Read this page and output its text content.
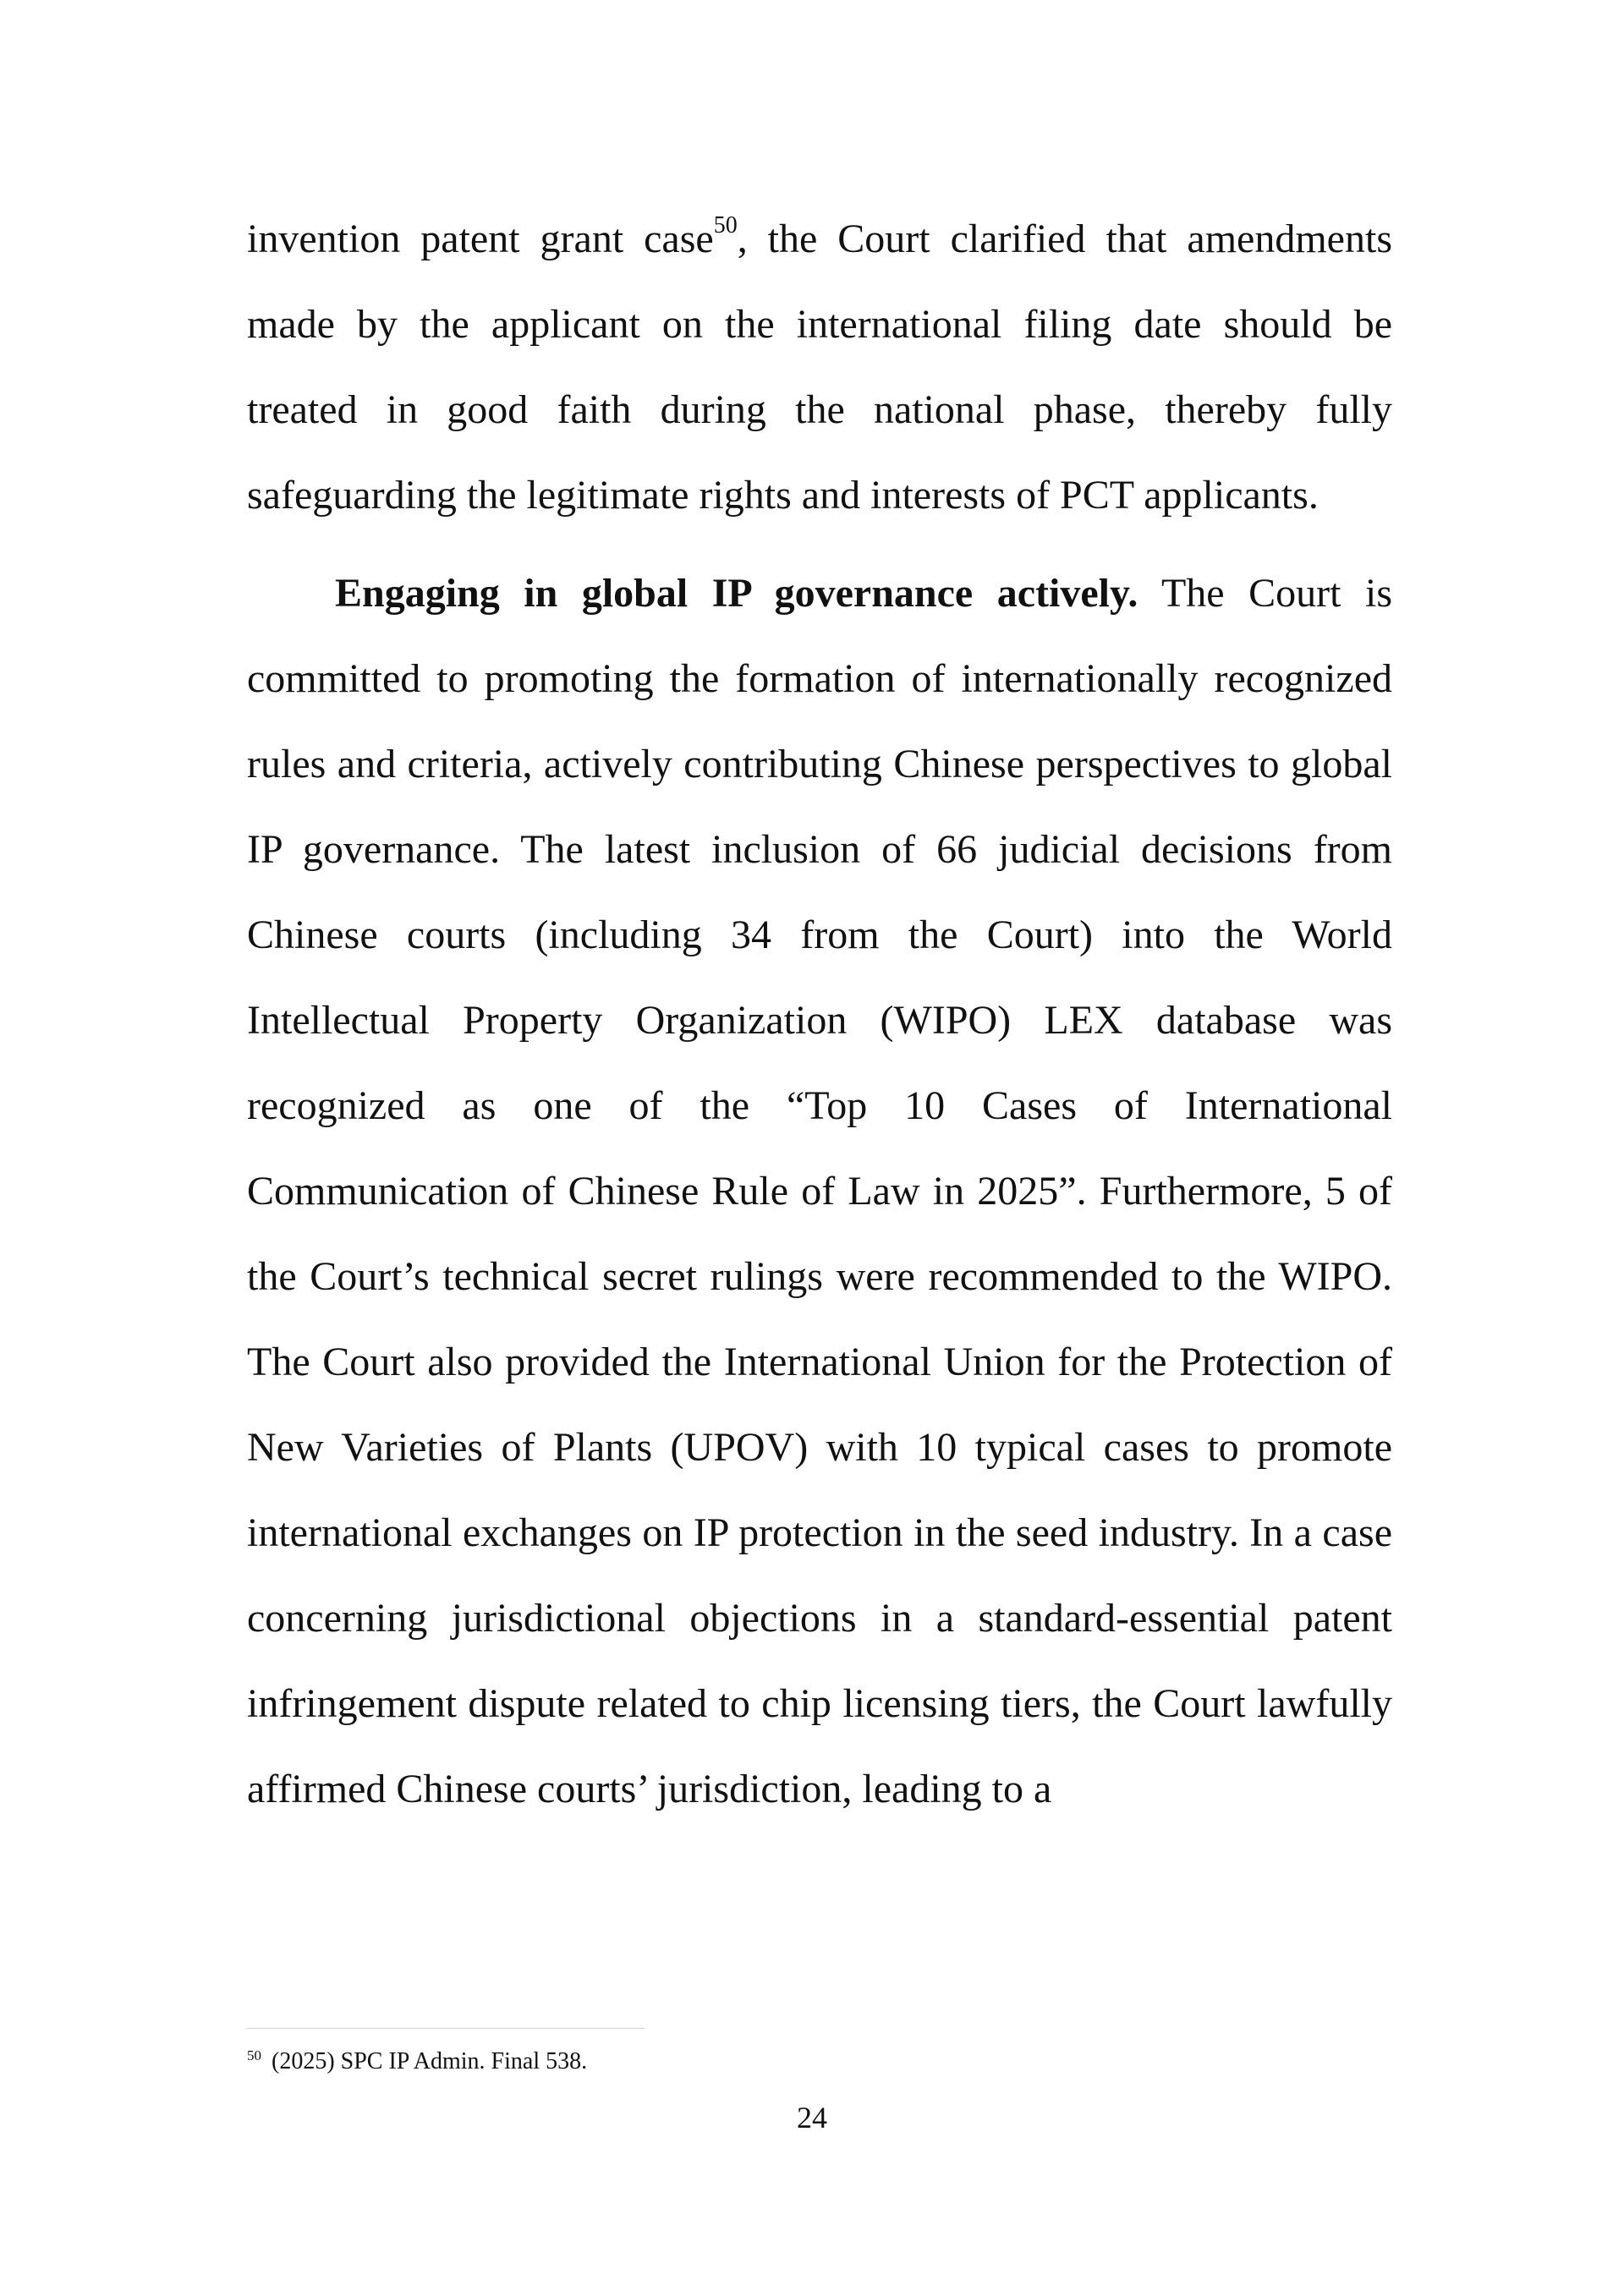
invention patent grant case$^{50}$, the Court clarified that amendments made by the applicant on the international filing date should be treated in good faith during the national phase, thereby fully safeguarding the legitimate rights and interests of PCT applicants.

Engaging in global IP governance actively. The Court is committed to promoting the formation of internationally recognized rules and criteria, actively contributing Chinese perspectives to global IP governance. The latest inclusion of 66 judicial decisions from Chinese courts (including 34 from the Court) into the World Intellectual Property Organization (WIPO) LEX database was recognized as one of the “Top 10 Cases of International Communication of Chinese Rule of Law in 2025”. Furthermore, 5 of the Court’s technical secret rulings were recommended to the WIPO. The Court also provided the International Union for the Protection of New Varieties of Plants (UPOV) with 10 typical cases to promote international exchanges on IP protection in the seed industry. In a case concerning jurisdictional objections in a standard-essential patent infringement dispute related to chip licensing tiers, the Court lawfully affirmed Chinese courts’ jurisdiction, leading to a

$^{50}$ (2025) SPC IP Admin. Final 538.
24
